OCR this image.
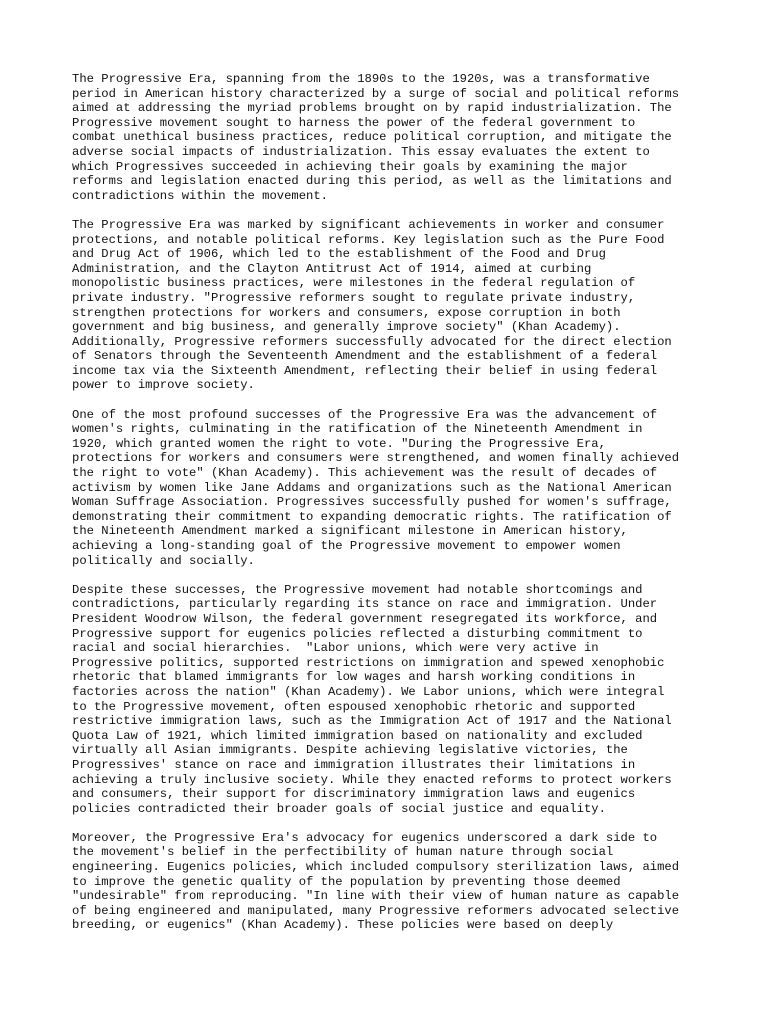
The Progressive Era, spanning from the 1890s to the 1920s, was a transformative
period in American history characterized by a surge of social and political reforms
aimed at addressing the myriad problems brought on by rapid industrialization. The
Progressive movement sought to harness the power of the federal government to
combat unethical business practices, reduce political corruption, and mitigate the
adverse social impacts of industrialization. This essay evaluates the extent to
which Progressives succeeded in achieving their goals by examining the major
reforms and legislation enacted during this period, as well as the limitations and
contradictions within the movement.

The Progressive Era was marked by significant achievements in worker and consumer
protections, and notable political reforms. Key legislation such as the Pure Food
and Drug Act of 1906, which led to the establishment of the Food and Drug
Administration, and the Clayton Antitrust Act of 1914, aimed at curbing
monopolistic business practices, were milestones in the federal regulation of
private industry. "Progressive reformers sought to regulate private industry,
strengthen protections for workers and consumers, expose corruption in both
government and big business, and generally improve society" (Khan Academy).
Additionally, Progressive reformers successfully advocated for the direct election
of Senators through the Seventeenth Amendment and the establishment of a federal
income tax via the Sixteenth Amendment, reflecting their belief in using federal
power to improve society.

One of the most profound successes of the Progressive Era was the advancement of
women's rights, culminating in the ratification of the Nineteenth Amendment in
1920, which granted women the right to vote. "During the Progressive Era,
protections for workers and consumers were strengthened, and women finally achieved
the right to vote" (Khan Academy). This achievement was the result of decades of
activism by women like Jane Addams and organizations such as the National American
Woman Suffrage Association. Progressives successfully pushed for women's suffrage,
demonstrating their commitment to expanding democratic rights. The ratification of
the Nineteenth Amendment marked a significant milestone in American history,
achieving a long-standing goal of the Progressive movement to empower women
politically and socially.

Despite these successes, the Progressive movement had notable shortcomings and
contradictions, particularly regarding its stance on race and immigration. Under
President Woodrow Wilson, the federal government resegregated its workforce, and
Progressive support for eugenics policies reflected a disturbing commitment to
racial and social hierarchies.  "Labor unions, which were very active in
Progressive politics, supported restrictions on immigration and spewed xenophobic
rhetoric that blamed immigrants for low wages and harsh working conditions in
factories across the nation" (Khan Academy). We Labor unions, which were integral
to the Progressive movement, often espoused xenophobic rhetoric and supported
restrictive immigration laws, such as the Immigration Act of 1917 and the National
Quota Law of 1921, which limited immigration based on nationality and excluded
virtually all Asian immigrants. Despite achieving legislative victories, the
Progressives' stance on race and immigration illustrates their limitations in
achieving a truly inclusive society. While they enacted reforms to protect workers
and consumers, their support for discriminatory immigration laws and eugenics
policies contradicted their broader goals of social justice and equality.

Moreover, the Progressive Era's advocacy for eugenics underscored a dark side to
the movement's belief in the perfectibility of human nature through social
engineering. Eugenics policies, which included compulsory sterilization laws, aimed
to improve the genetic quality of the population by preventing those deemed
"undesirable" from reproducing. "In line with their view of human nature as capable
of being engineered and manipulated, many Progressive reformers advocated selective
breeding, or eugenics" (Khan Academy). These policies were based on deeply
